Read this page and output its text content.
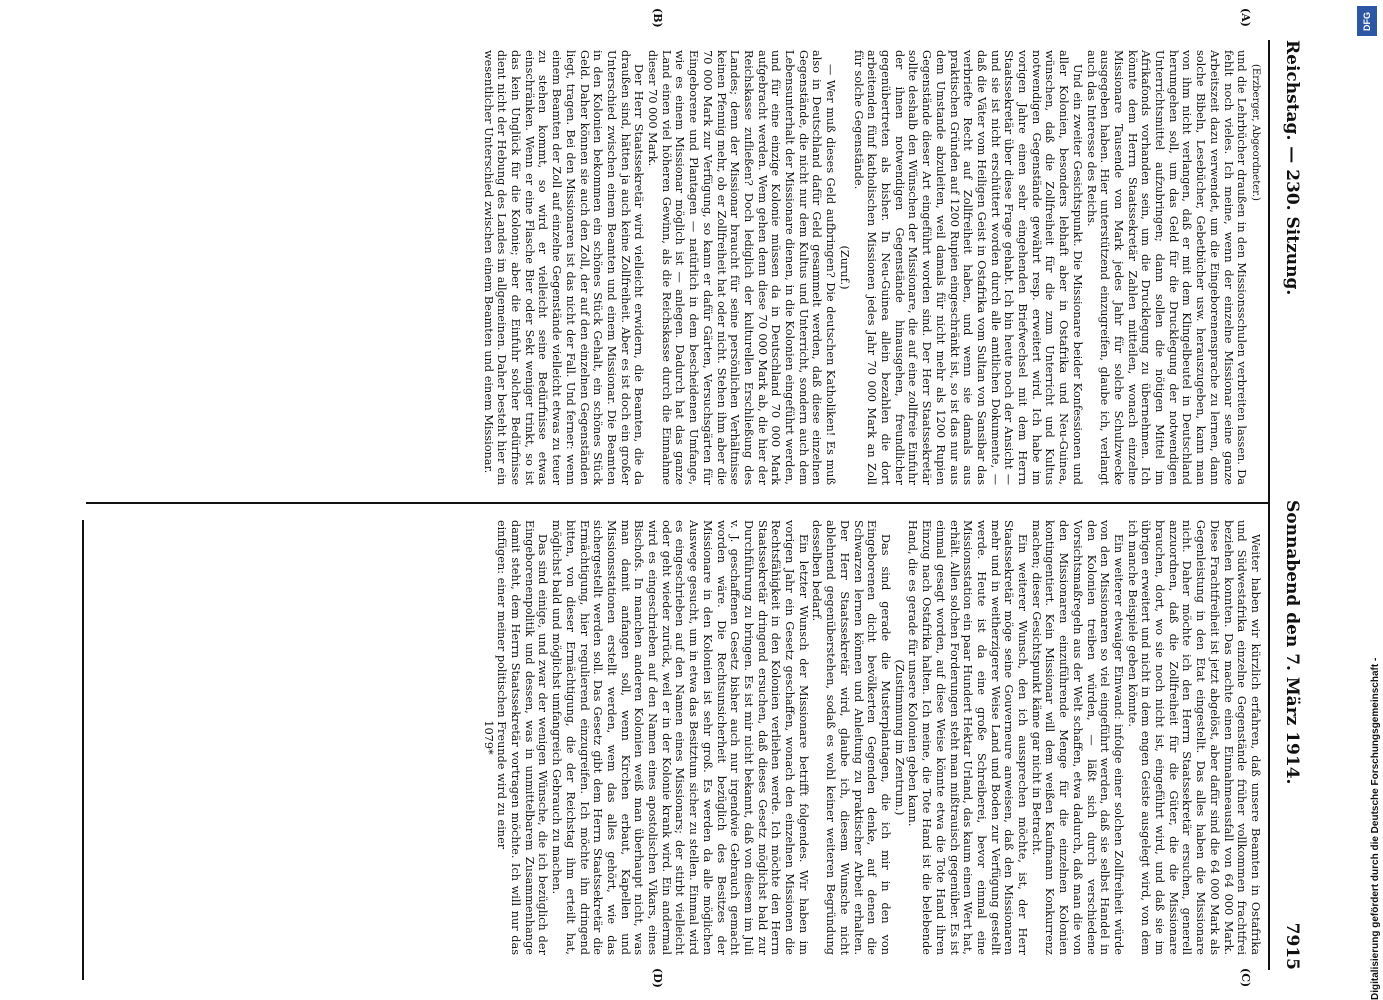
Reichstag. — 230. Sitzung.
Sonnabend den 7. März 1914.
7915
(A)
(B)
(C)
(D)

(Erzberger, Abgeordneter.)

und die Lehrbücher draußen in den Missionsschulen verbreiten lassen. Da fehlt noch vieles. Ich meine, wenn der einzelne Missionar seine ganze Arbeitszeit dazu verwendet, um die Eingeborenensprache zu lernen, dann solche Bibeln, Lesebücher, Gebetbücher usw. herauszugeben, kann man von ihm nicht verlangen, daß er mit dem Klingelbeutel in Deutschland herumgehen soll, um das Geld für die Drucklegung der notwendigen Unterrichtsmittel aufzubringen; dann sollen die nötigen Mittel im Afrikafonds vorhanden sein, um die Drucklegung zu übernehmen. Ich könnte dem Herrn Staatssekretär Zahlen mitteilen, wonach einzelne Missionare Tausende von Mark jedes Jahr für solche Schulzwecke ausgegeben haben. Hier unterstützend einzugreifen, glaube ich, verlangt auch das Interesse des Reichs.

Und ein zweiter Gesichtspunkt. Die Missionare beider Konfessionen und aller Kolonien, besonders lebhaft aber in Ostafrika und Neu-Guinea, wünschen, daß die Zollfreiheit für die zum Unterricht und Kultus notwendigen Gegenstände gewährt resp. erweitert wird. Ich habe im vorigen Jahre einen sehr eingehenden Briefwechsel mit dem Herrn Staatssekretär über diese Frage gehabt. Ich bin heute noch der Ansicht — und sie ist nicht erschüttert worden durch alle amtlichen Dokumente, — daß die Väter vom Heiligen Geist in Ostafrika vom Sultan von Sansibar das verbriefte Recht auf Zollfreiheit haben, und wenn sie damals aus praktischen Gründen auf 1200 Rupien eingeschränkt ist, so ist das nur aus dem Umstande abzuleiten, weil damals für nicht mehr als 1200 Rupien Gegenstände dieser Art eingeführt worden sind. Der Herr Staatssekretär sollte deshalb den Wünschen der Missionare, die auf eine zollfreie Einfuhr der ihnen notwendigen Gegenstände hinausgehen, freundlicher gegenübertreten als bisher. In Neu-Guinea allein bezahlen die dort arbeitenden fünf katholischen Missionen jedes Jahr 70 000 Mark an Zoll für solche Gegenstände.

(Zuruf.)

— Wer muß dieses Geld aufbringen? Die deutschen Katholiken! Es muß also in Deutschland dafür Geld gesammelt werden, daß diese einzelnen Gegenstände, die nicht nur dem Kultus und Unterricht, sondern auch dem Lebensunterhalt der Missionare dienen, in die Kolonien eingeführt werden, und für eine einzige Kolonie müssen da in Deutschland 70 000 Mark aufgebracht werden. Wem gehen denn diese 70 000 Mark ab, die hier der Reichskasse zufließen? Doch lediglich der kulturellen Erschließung des Landes; denn der Missionar braucht für seine persönlichen Verhältnisse keinen Pfennig mehr, ob er Zollfreiheit hat oder nicht. Stehen ihm aber die 70 000 Mark zur Verfügung, so kann er dafür Gärten, Versuchsgärten für Eingeborene und Plantagen — natürlich in dem bescheidenen Umfange, wie es einem Missionar möglich ist — anlegen. Dadurch hat das ganze Land einen viel höheren Gewinn, als die Reichskasse durch die Einnahme dieser 70 000 Mark.

Der Herr Staatssekretär wird vielleicht erwidern, die Beamten, die da draußen sind, hätten ja auch keine Zollfreiheit. Aber es ist doch ein großer Unterschied zwischen einem Beamten und einem Missionar. Die Beamten in den Kolonien bekommen ein schönes Stück Gehalt, ein schönes Stück Geld. Daher können sie auch den Zoll, der auf den einzelnen Gegenständen liegt, tragen. Bei den Missionaren ist das nicht der Fall. Und ferner: wenn einem Beamten der Zoll auf einzelne Gegenstände vielleicht etwas zu teuer zu stehen kommt, so wird er vielleicht seine Bedürfnisse etwas einschränken. Wenn er eine Flasche Bier oder Sekt weniger trinkt, so ist das kein Unglück für die Kolonie; aber die Einfuhr solcher Bedürfnisse dient nicht der Hebung des Landes im allgemeinen. Daher besteht hier ein wesentlicher Unterschied zwischen einem Beamten und einem Missionar.

Weiter haben wir kürzlich erfahren, daß unsere Beamten in Ostafrika und Südwestafrika einzelne Gegenstände früher vollkommen frachtfrei beziehen konnten. Das machte einen Einnahmeausfall von 64 000 Mark. Diese Frachtfreiheit ist jetzt abgelöst, aber dafür sind die 64 000 Mark als Gegenleistung in den Etat eingestellt. Das alles haben die Missionare nicht. Daher möchte ich den Herrn Staatssekretär ersuchen, generell anzuordnen, daß die Zollfreiheit für die Güter, die die Missionare brauchen, dort, wo sie noch nicht ist, eingeführt wird, und daß sie im übrigen erweitert und nicht in dem engen Geiste ausgelegt wird, von dem ich manche Beispiele geben könnte.

Ein weiterer etwaiger Einwand: infolge einer solchen Zollfreiheit würde von den Missionaren so viel eingeführt werden, daß sie selbst Handel in den Kolonien treiben würden, — läßt sich durch verschiedene Vorsichtsmaßregeln aus der Welt schaffen, etwa dadurch, daß man die von den Missionaren einzuführende Menge für die einzelnen Kolonien kontingentiert. Kein Missionar will dem weißen Kaufmann Konkurrenz machen; dieser Gesichtspunkt käme gar nicht in Betracht.

Ein weiterer Wunsch, den ich aussprechen möchte, ist, der Herr Staatssekretär möge seine Gouverneure anweisen, daß den Missionaren mehr und in weitherzigerer Weise Land und Boden zur Verfügung gestellt werde. Heute ist da eine große Schreiberei, bevor einmal eine Missionsstation ein paar Hundert Hektar Urland, das kaum einen Wert hat, erhält. Allen solchen Forderungen steht man mißtrauisch gegenüber. Es ist einmal gesagt worden, auf diese Weise könnte etwa die Tote Hand ihren Einzug nach Ostafrika halten. Ich meine, die Tote Hand ist die belebende Hand, die es gerade für unsere Kolonien geben kann.

(Zustimmung im Zentrum.)

Das sind gerade die Musterplantagen, die ich mir in den von Eingeborenen dicht bevölkerten Gegenden denke, auf denen die Schwarzen lernen können und Anleitung zu praktischer Arbeit erhalten. Der Herr Staatssekretär wird, glaube ich, diesem Wunsche nicht ablehnend gegenüberstehen, sodaß es wohl keiner weiteren Begründung desselben bedarf.

Ein letzter Wunsch der Missionare betrifft folgendes. Wir haben im vorigen Jahr ein Gesetz geschaffen, wonach den einzelnen Missionen die Rechtsfähigkeit in den Kolonien verliehen werde. Ich möchte den Herrn Staatssekretär dringend ersuchen, daß dieses Gesetz möglichst bald zur Durchführung zu bringen. Es ist mir nicht bekannt, daß von diesem im Juli v. J. geschaffenen Gesetz bisher auch nur irgendwie Gebrauch gemacht worden wäre. Die Rechtsunsicherheit bezüglich des Besitzes der Missionare in den Kolonien ist sehr groß. Es werden da alle möglichen Auswege gesucht, um in etwa das Besitztum sicher zu stellen. Einmal wird es eingeschrieben auf den Namen eines Missionars; der stirbt vielleicht oder geht wieder zurück, weil er in der Kolonie krank wird. Ein andermal wird es eingeschrieben auf den Namen eines apostolischen Vikars, eines Bischofs. In manchen anderen Kolonien weiß man überhaupt nicht, was man damit anfangen soll, wenn Kirchen erbaut, Kapellen und Missionsstationen erstellt werden, wem das alles gehört, wie das sichergestellt werden soll. Das Gesetz gibt dem Herrn Staatssekretär die Ermächtigung, hier regulierend einzugreifen. Ich möchte ihn dringend bitten, von dieser Ermächtigung, die der Reichstag ihm erteilt hat, möglichst bald und möglichst umfangreich Gebrauch zu machen.

Das sind einige, und zwar der wenigen Wünsche, die ich bezüglich der Eingeborenenpolitik und dessen, was in unmittelbarem Zusammenhange damit steht, dem Herrn Staatssekretär vortragen möchte. Ich will nur das einfügen: einer meiner politischen Freunde wird zu einer

1079*	Digitalisierung gefördert durch die Deutsche Forschungsgemeinschaft -
DFG
